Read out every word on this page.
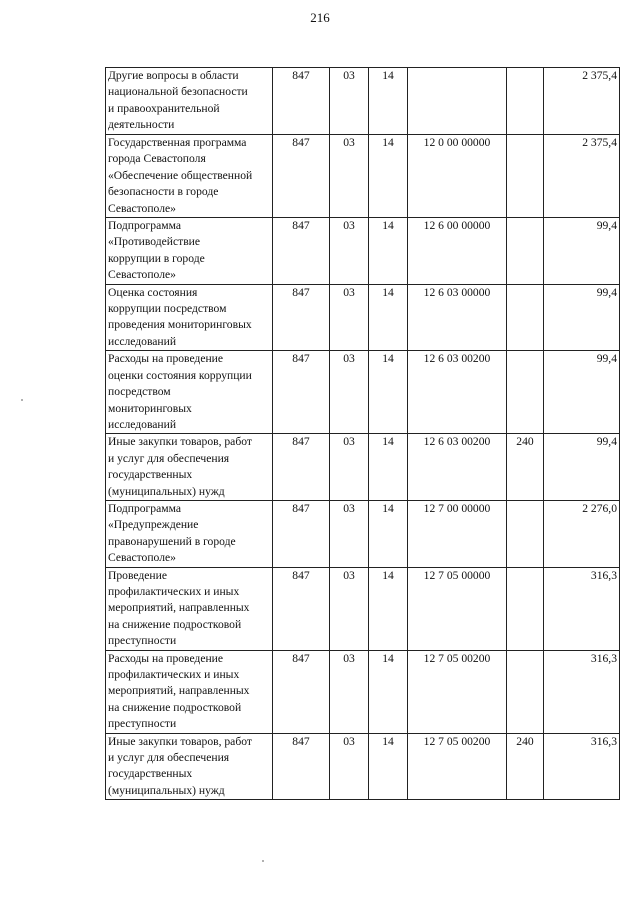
216
Другие вопросы в области
национальной безопасности
и правоохранительной
деятельности	847	03	14			2 375,4

Государственная программа
города Севастополя
«Обеспечение общественной
безопасности в городе
Севастополе»	847	03	14	12 0 00 00000		2 375,4

Подпрограмма
«Противодействие
коррупции в городе
Севастополе»	847	03	14	12 6 00 00000		99,4

Оценка состояния
коррупции посредством
проведения мониторинговых
исследований	847	03	14	12 6 03 00000		99,4

Расходы на проведение
оценки состояния коррупции
посредством
мониторинговых
исследований	847	03	14	12 6 03 00200		99,4

Иные закупки товаров, работ
и услуг для обеспечения
государственных
(муниципальных) нужд	847	03	14	12 6 03 00200	240	99,4

Подпрограмма
«Предупреждение
правонарушений в городе
Севастополе»	847	03	14	12 7 00 00000		2 276,0

Проведение
профилактических и иных
мероприятий, направленных
на снижение подростковой
преступности	847	03	14	12 7 05 00000		316,3

Расходы на проведение
профилактических и иных
мероприятий, направленных
на снижение подростковой
преступности	847	03	14	12 7 05 00200		316,3

Иные закупки товаров, работ
и услуг для обеспечения
государственных
(муниципальных) нужд	847	03	14	12 7 05 00200	240	316,3
